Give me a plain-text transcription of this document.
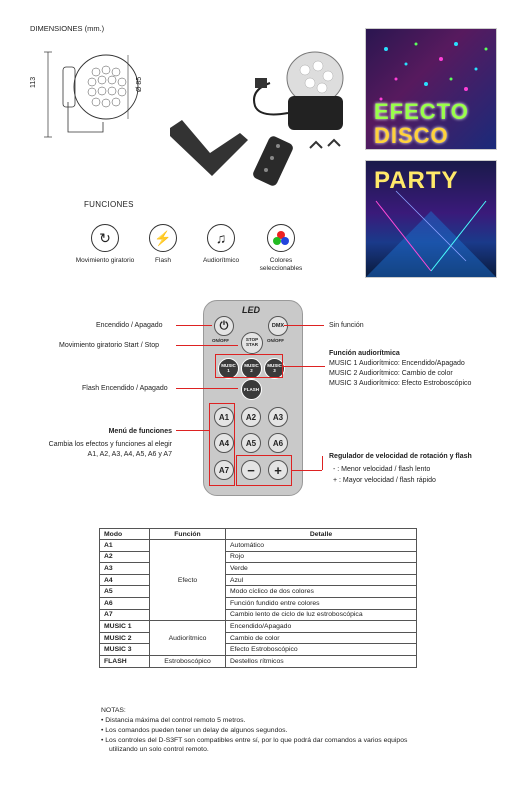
DIMENSIONES (mm.)
113	Ø 85
EFECTO
DISCO
PARTY
FUNCIONES
↻	⚡	♫
Movimiento giratorio	Flash	Audiorítmico	Colores seleccionables
LED
⏻
ON/OFF
DMX
ON/OFF
STOP
STAR
MUSIC
1
MUSIC
2
MUSIC
3
FLASH
A1	A2	A3
A4	A5	A6
A7	−	+
Encendido / Apagado
Movimiento giratorio Start / Stop
Flash Encendido / Apagado
Menú de funciones
Cambia los efectos y funciones al elegir
A1, A2, A3, A4, A5, A6 y A7
Sin función
Función audiorítmica
MUSIC 1 Audiorítmico: Encendido/Apagado
MUSIC 2 Audiorítmico: Cambio de color
MUSIC 3 Audiorítmico: Efecto Estroboscópico
Regulador de velocidad de rotación y flash
- : Menor velocidad / flash lento
+ : Mayor velocidad / flash rápido
Modo	Función	Detalle
A1	Efecto	Automático
A2		Rojo
A3		Verde
A4		Azul
A5		Modo cíclico de dos colores
A6		Función fundido entre colores
A7		Cambio lento de ciclo de luz estroboscópica
MUSIC 1	Audiorítmico	Encendido/Apagado
MUSIC 2		Cambio de color
MUSIC 3		Efecto Estroboscópico
FLASH	Estroboscópico	Destellos rítmicos
NOTAS:
• Distancia máxima del control remoto 5 metros.
• Los comandos pueden tener un delay de algunos segundos.
• Los controles del D-S3FT son compatibles entre sí, por lo que podrá dar comandos a varios equipos utilizando un solo control remoto.
